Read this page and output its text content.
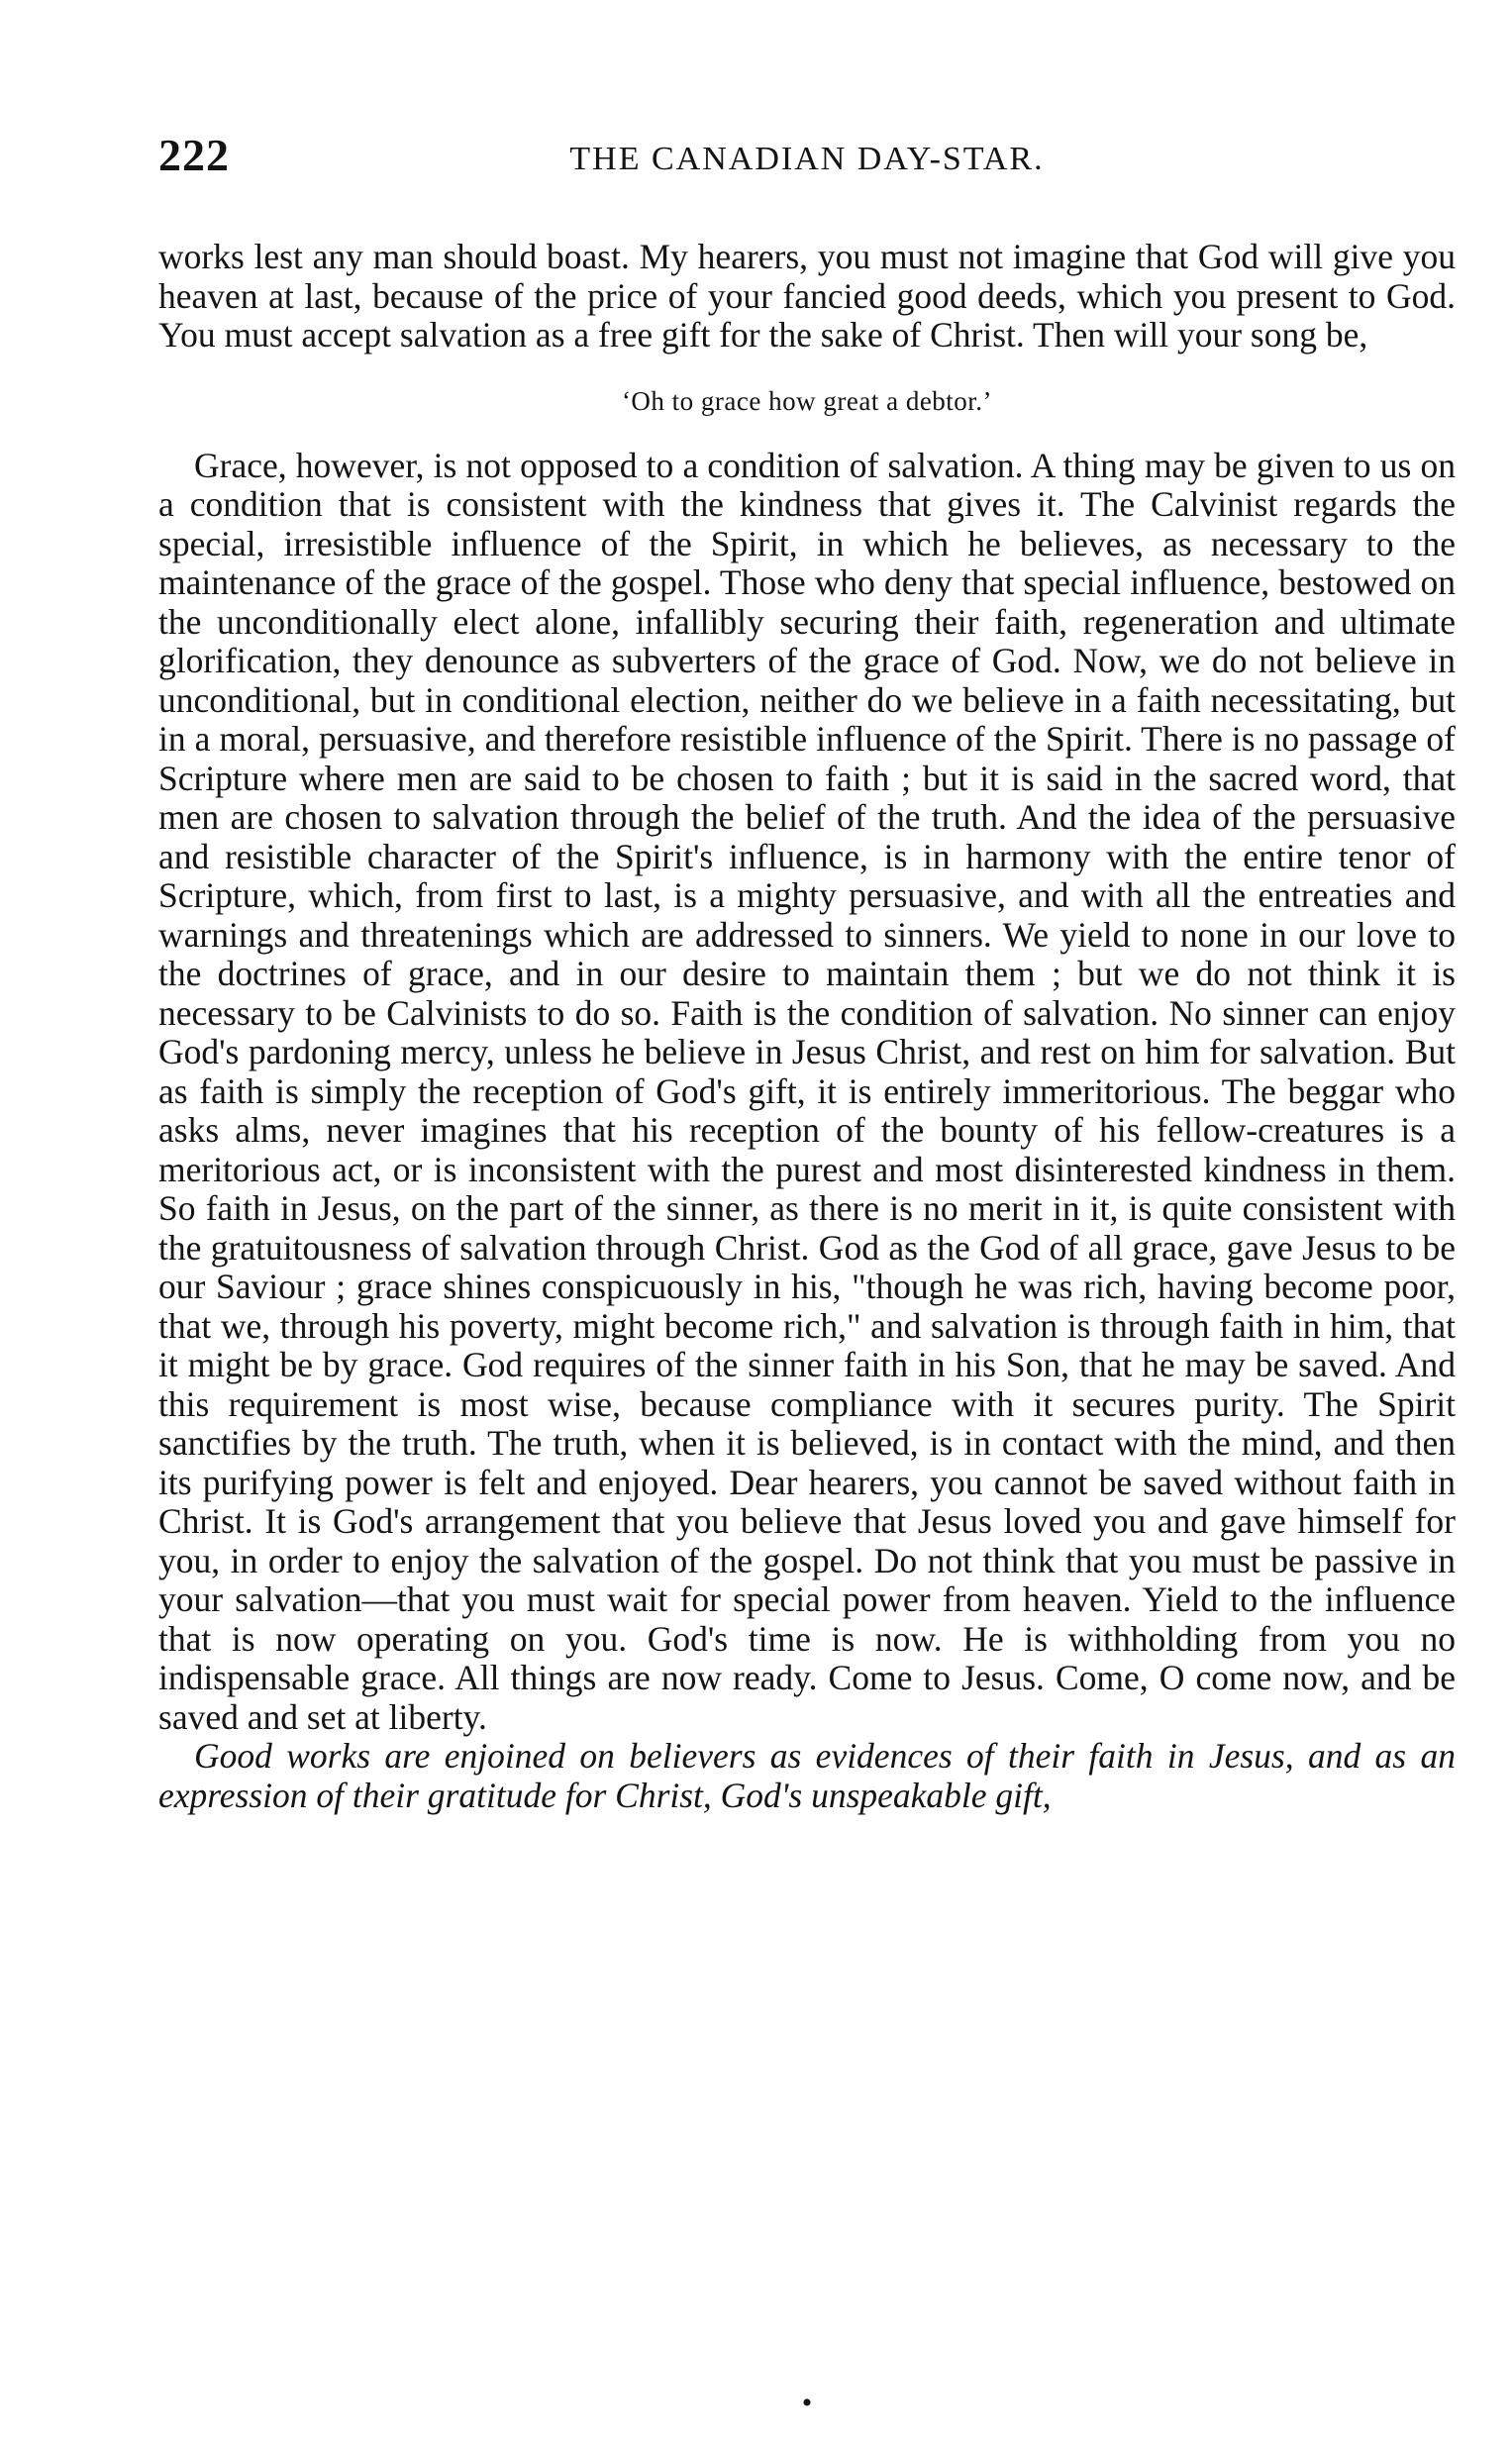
222	THE CANADIAN DAY-STAR.

works lest any man should boast. My hearers, you must not imagine that God will give you heaven at last, because of the price of your fancied good deeds, which you present to God. You must accept salvation as a free gift for the sake of Christ. Then will your song be,

‘Oh to grace how great a debtor.’

Grace, however, is not opposed to a condition of salvation. A thing may be given to us on a condition that is consistent with the kindness that gives it. The Calvinist regards the special, irresistible influence of the Spirit, in which he believes, as necessary to the maintenance of the grace of the gospel. Those who deny that special influence, bestowed on the unconditionally elect alone, infallibly securing their faith, regeneration and ultimate glorification, they denounce as subverters of the grace of God. Now, we do not believe in unconditional, but in conditional election, neither do we believe in a faith necessitating, but in a moral, persuasive, and therefore resistible influence of the Spirit. There is no passage of Scripture where men are said to be chosen to faith ; but it is said in the sacred word, that men are chosen to salvation through the belief of the truth. And the idea of the persuasive and resistible character of the Spirit's influence, is in harmony with the entire tenor of Scripture, which, from first to last, is a mighty persuasive, and with all the entreaties and warnings and threatenings which are addressed to sinners. We yield to none in our love to the doctrines of grace, and in our desire to maintain them ; but we do not think it is necessary to be Calvinists to do so. Faith is the condition of salvation. No sinner can enjoy God's pardoning mercy, unless he believe in Jesus Christ, and rest on him for salvation. But as faith is simply the reception of God's gift, it is entirely immeritorious. The beggar who asks alms, never imagines that his reception of the bounty of his fellow-creatures is a meritorious act, or is inconsistent with the purest and most disinterested kindness in them. So faith in Jesus, on the part of the sinner, as there is no merit in it, is quite consistent with the gratuitousness of salvation through Christ. God as the God of all grace, gave Jesus to be our Saviour ; grace shines conspicuously in his, "though he was rich, having become poor, that we, through his poverty, might become rich," and salvation is through faith in him, that it might be by grace. God requires of the sinner faith in his Son, that he may be saved. And this requirement is most wise, because compliance with it secures purity. The Spirit sanctifies by the truth. The truth, when it is believed, is in contact with the mind, and then its purifying power is felt and enjoyed. Dear hearers, you cannot be saved without faith in Christ. It is God's arrangement that you believe that Jesus loved you and gave himself for you, in order to enjoy the salvation of the gospel. Do not think that you must be passive in your salvation—that you must wait for special power from heaven. Yield to the influence that is now operating on you. God's time is now. He is withholding from you no indispensable grace. All things are now ready. Come to Jesus. Come, O come now, and be saved and set at liberty.

Good works are enjoined on believers as evidences of their faith in Jesus, and as an expression of their gratitude for Christ, God's unspeakable gift,

•
